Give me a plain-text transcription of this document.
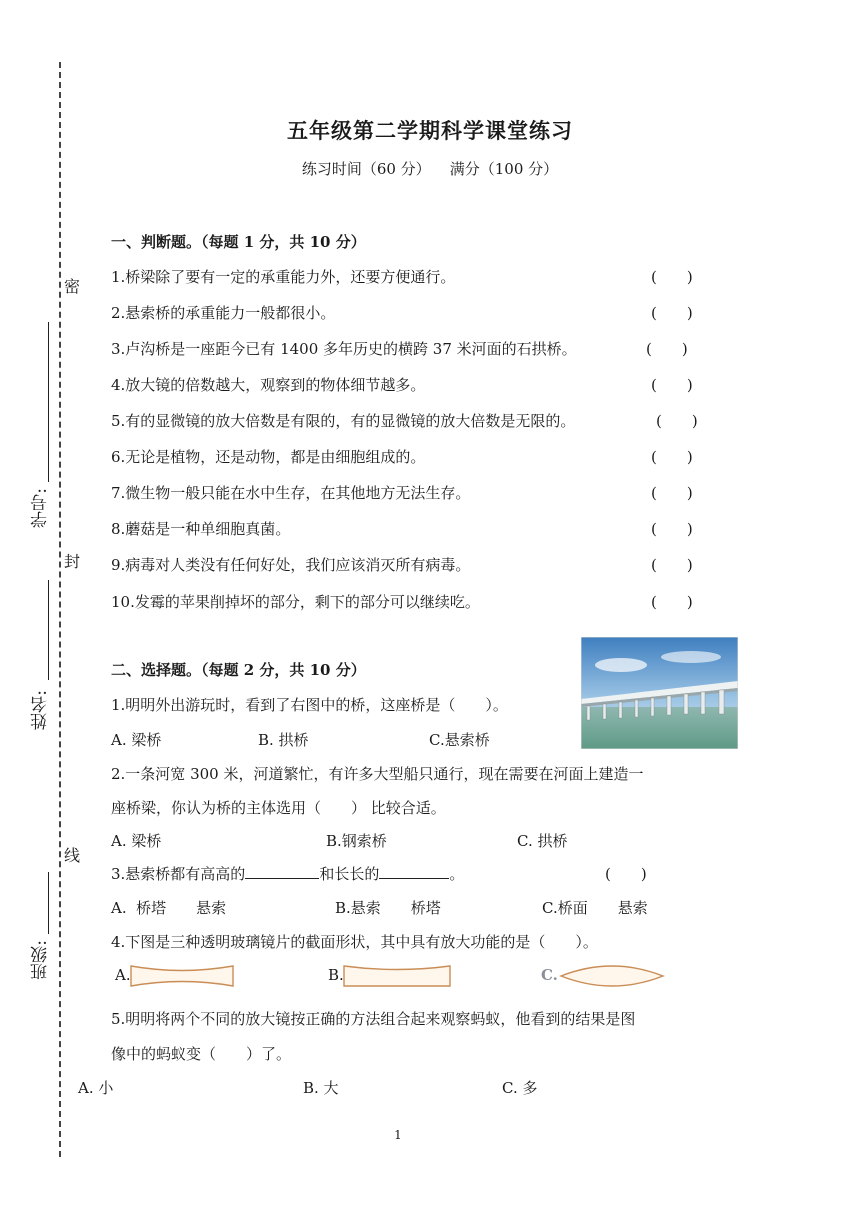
学号:
姓名:
班级:
密
封
线
五年级第二学期科学课堂练习
练习时间（60 分）    满分（100 分）
一、判断题。（每题 1 分，共 10 分）
1.桥梁除了要有一定的承重能力外，还要方便通行。	(　　)
2.悬索桥的承重能力一般都很小。	(　　)
3.卢沟桥是一座距今已有 1400 多年历史的横跨 37 米河面的石拱桥。	(　　)
4.放大镜的倍数越大，观察到的物体细节越多。	(　　)
5.有的显微镜的放大倍数是有限的，有的显微镜的放大倍数是无限的。	(　　)
6.无论是植物，还是动物，都是由细胞组成的。	(　　)
7.微生物一般只能在水中生存，在其他地方无法生存。	(　　)
8.蘑菇是一种单细胞真菌。	(　　)
9.病毒对人类没有任何好处，我们应该消灭所有病毒。	(　　)
10.发霉的苹果削掉坏的部分，剩下的部分可以继续吃。	(　　)
二、选择题。（每题 2 分，共 10 分）
1.明明外出游玩时，看到了右图中的桥，这座桥是（　　）。
A. 梁桥	B. 拱桥	C.悬索桥
2.一条河宽 300 米，河道繁忙，有许多大型船只通行，现在需要在河面上建造一
座桥梁，你认为桥的主体选用（　　） 比较合适。
A. 梁桥	B.钢索桥	C. 拱桥
3.悬索桥都有高高的	和长长的	。	(　　)
A.  桥塔　　悬索	B.悬索　　桥塔	C.桥面　　悬索
4.下图是三种透明玻璃镜片的截面形状，其中具有放大功能的是（　　）。
A.	B.	C.
5.明明将两个不同的放大镜按正确的方法组合起来观察蚂蚁，他看到的结果是图
像中的蚂蚁变（　　）了。
A. 小	B. 大	C. 多
1
